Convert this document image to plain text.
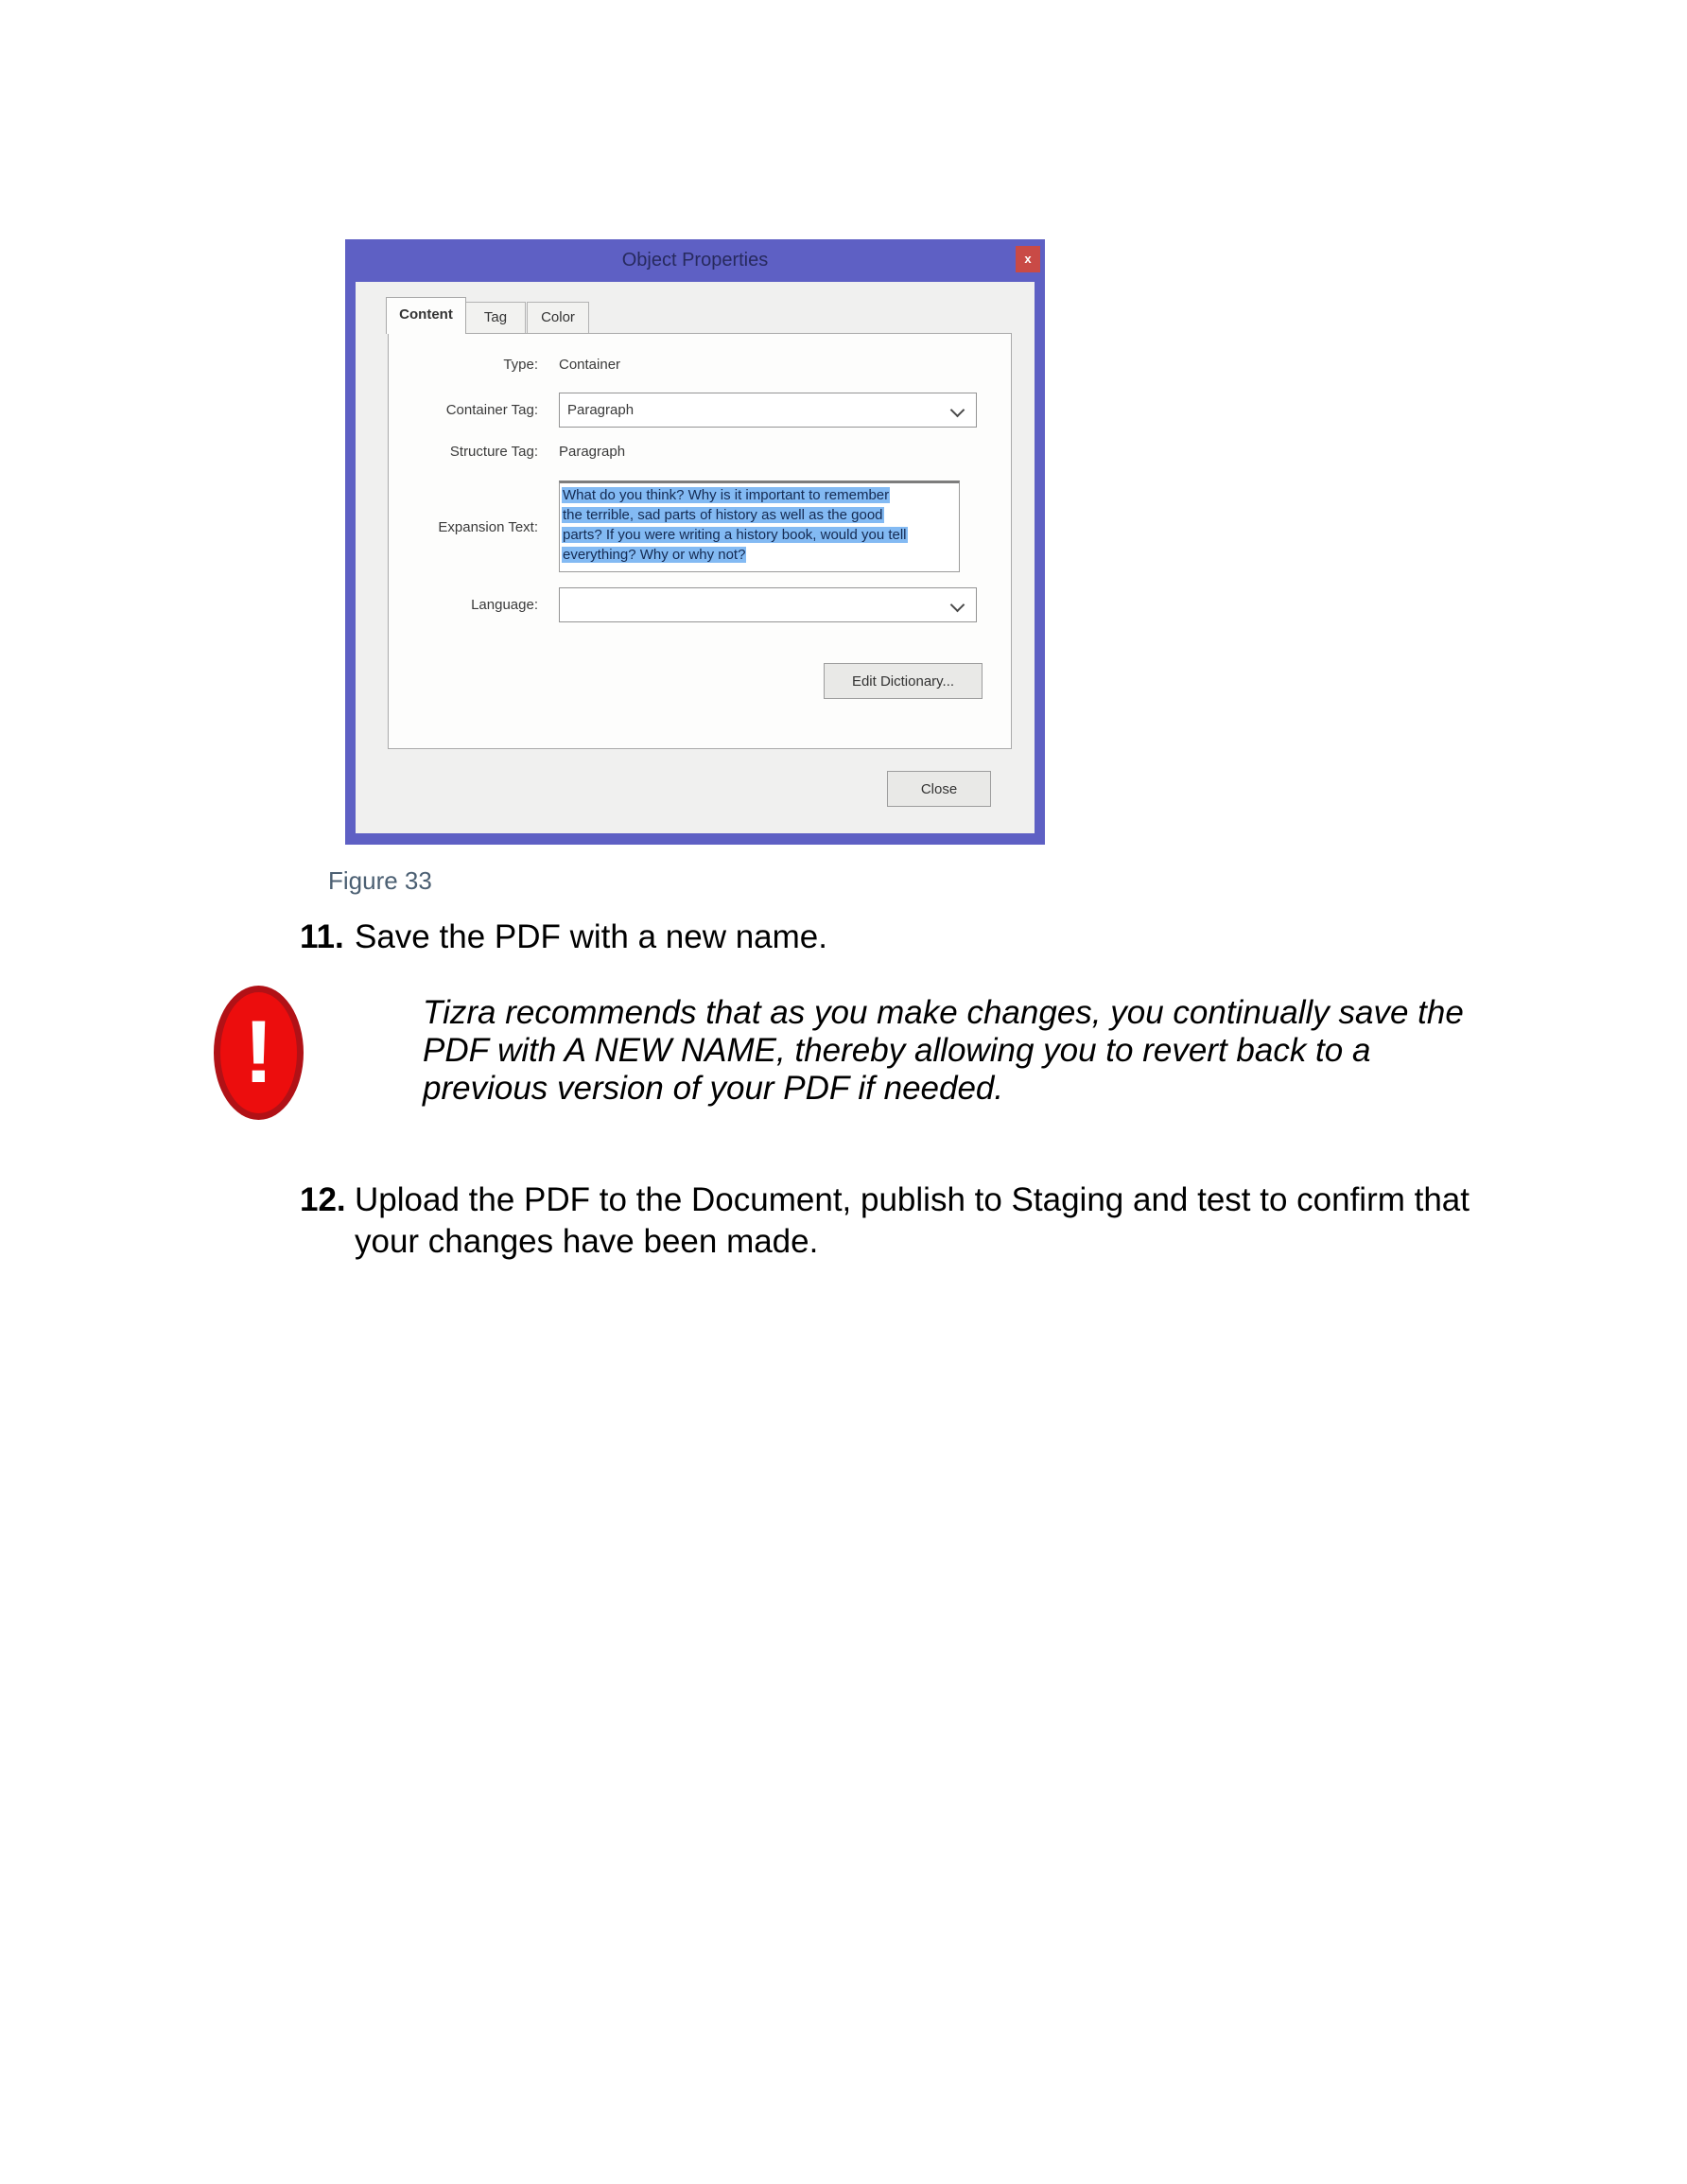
Object Properties	x
Content	Tag	Color
Type: Container
Container Tag: Paragraph
Structure Tag: Paragraph
Expansion Text:
What do you think? Why is it important to remember
the terrible, sad parts of history as well as the good
parts? If you were writing a history book, would you tell
everything? Why or why not?
Language:
Edit Dictionary...
Close
Figure 33
11. Save the PDF with a new name.
!	Tizra recommends that as you make changes, you continually save the
PDF with A NEW NAME, thereby allowing you to revert back to a
previous version of your PDF if needed.
12. Upload the PDF to the Document, publish to Staging and test to confirm that
your changes have been made.
